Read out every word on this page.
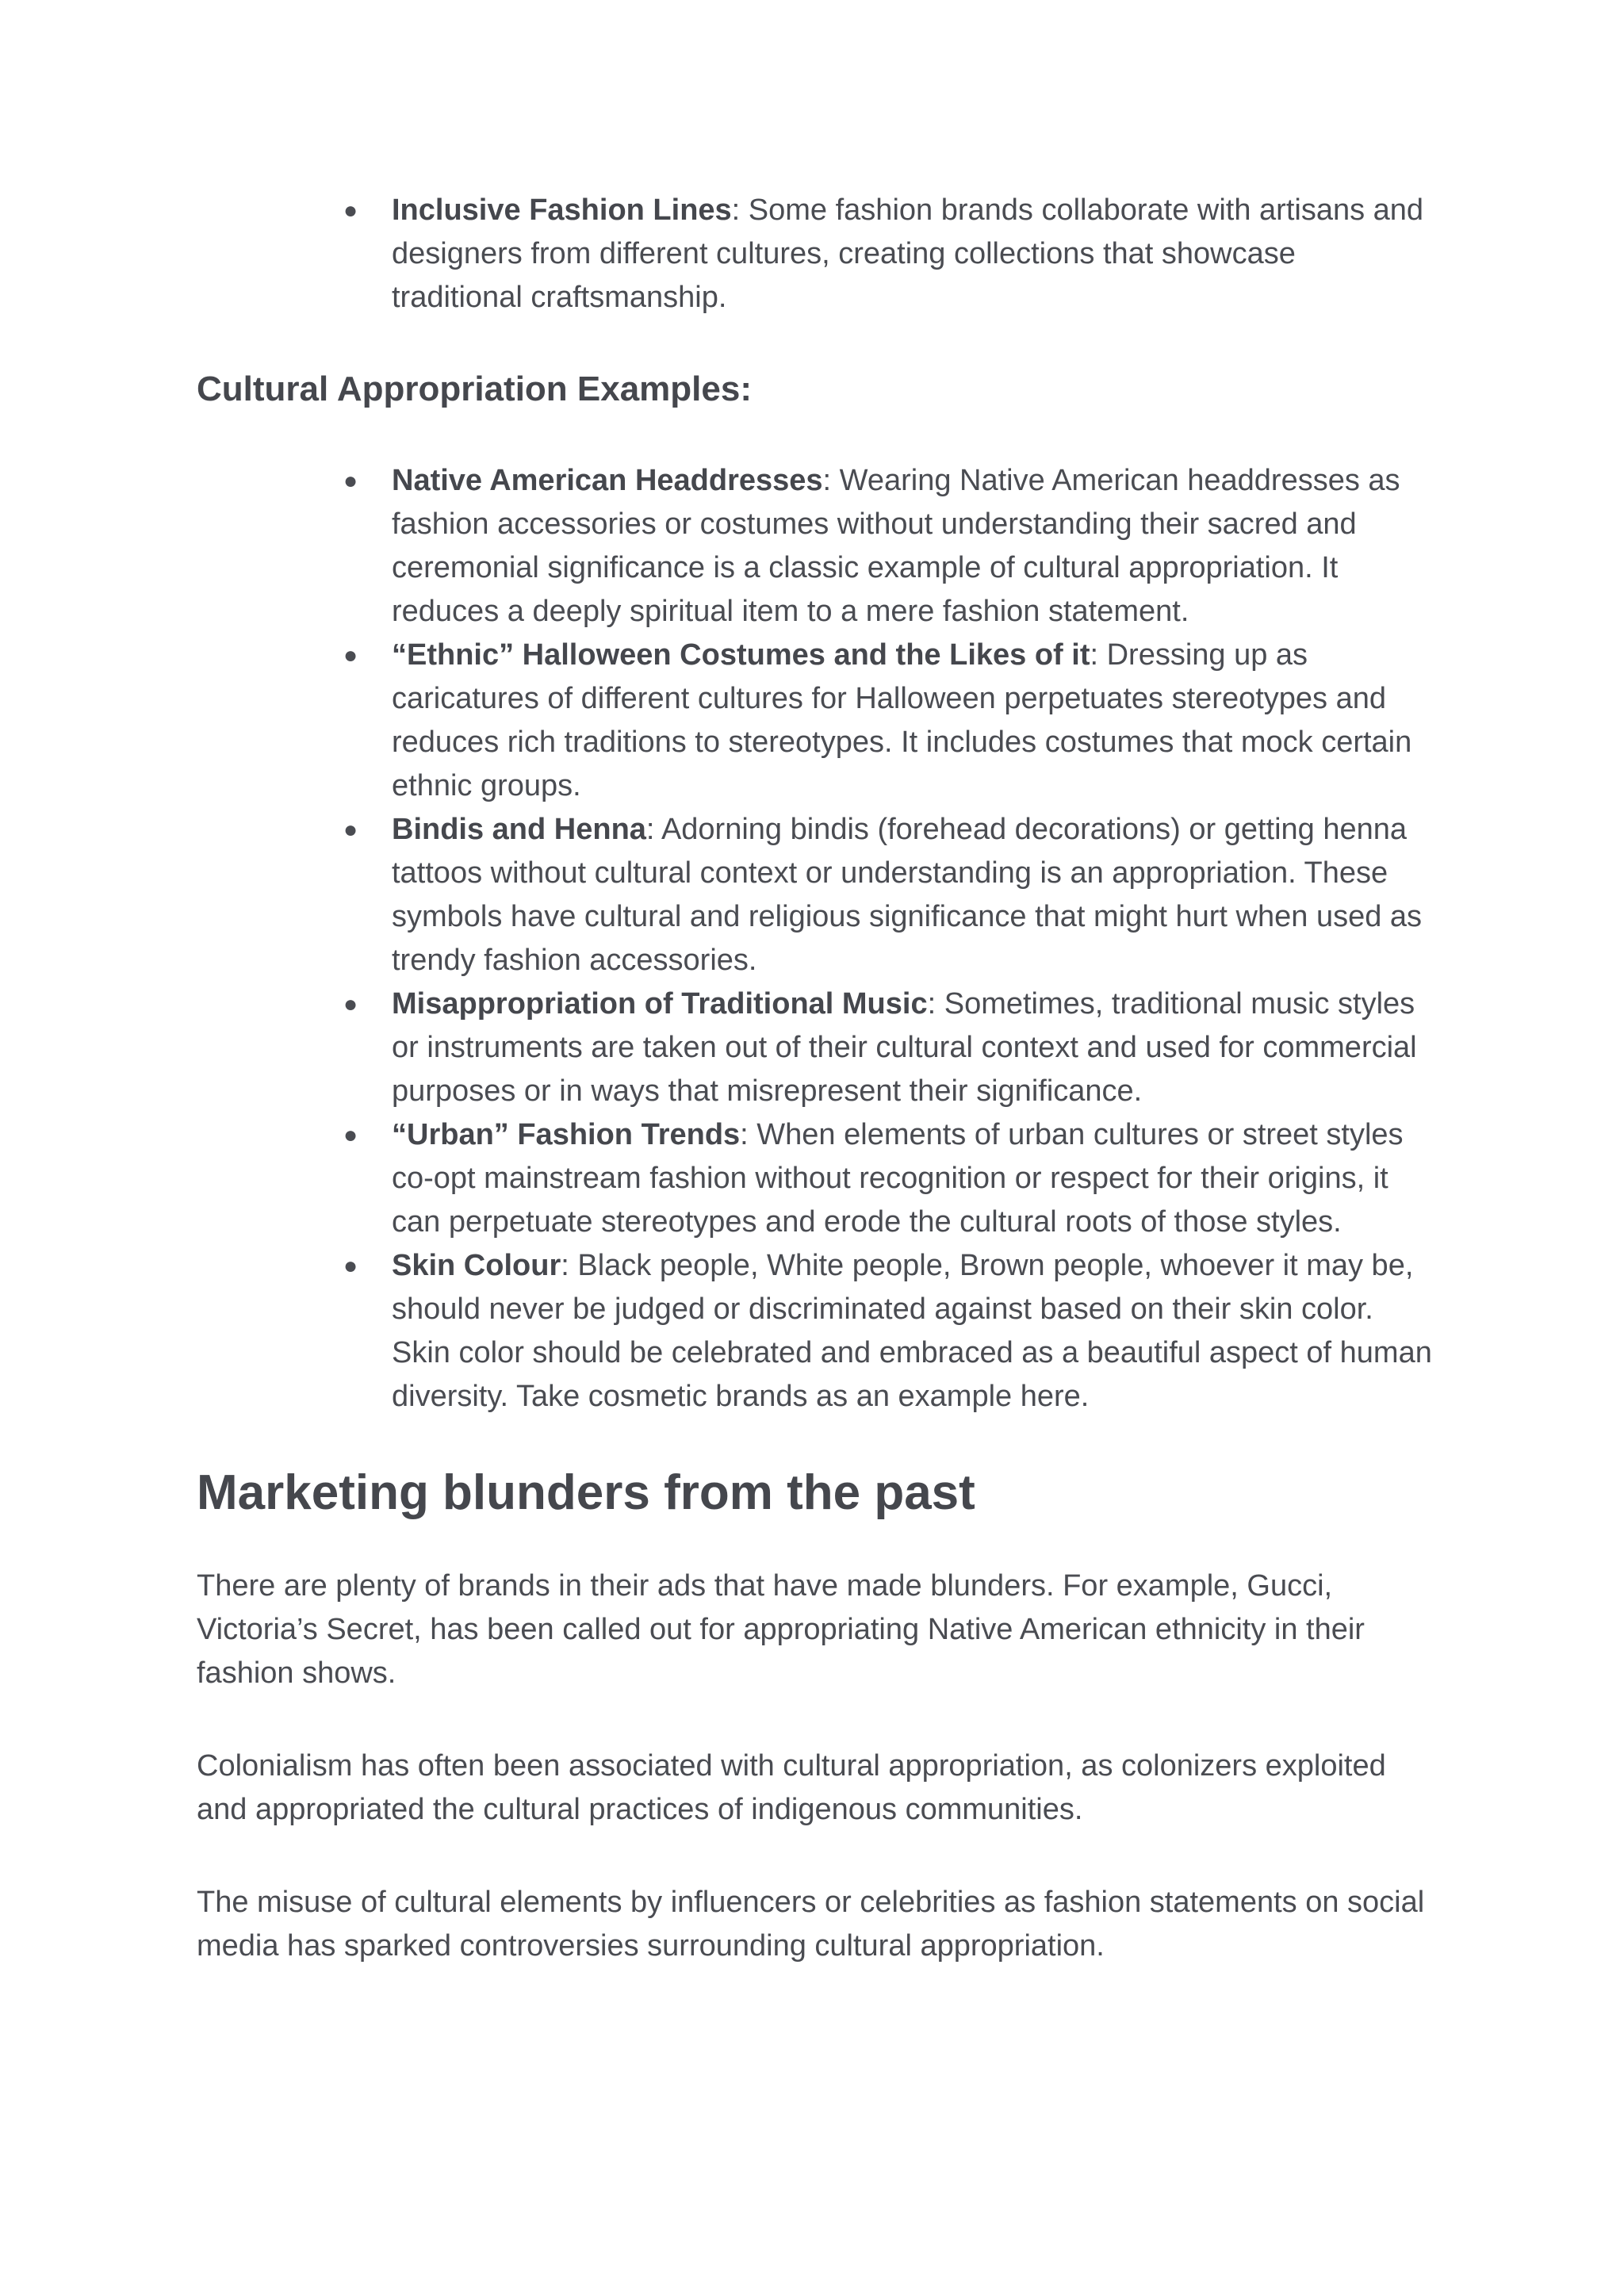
● Inclusive Fashion Lines: Some fashion brands collaborate with artisans and designers from different cultures, creating collections that showcase traditional craftsmanship.
Cultural Appropriation Examples:
● Native American Headdresses: Wearing Native American headdresses as fashion accessories or costumes without understanding their sacred and ceremonial significance is a classic example of cultural appropriation. It reduces a deeply spiritual item to a mere fashion statement.
● “Ethnic” Halloween Costumes and the Likes of it: Dressing up as caricatures of different cultures for Halloween perpetuates stereotypes and reduces rich traditions to stereotypes. It includes costumes that mock certain ethnic groups.
● Bindis and Henna: Adorning bindis (forehead decorations) or getting henna tattoos without cultural context or understanding is an appropriation. These symbols have cultural and religious significance that might hurt when used as trendy fashion accessories.
● Misappropriation of Traditional Music: Sometimes, traditional music styles or instruments are taken out of their cultural context and used for commercial purposes or in ways that misrepresent their significance.
● “Urban” Fashion Trends: When elements of urban cultures or street styles co-opt mainstream fashion without recognition or respect for their origins, it can perpetuate stereotypes and erode the cultural roots of those styles.
● Skin Colour: Black people, White people, Brown people, whoever it may be, should never be judged or discriminated against based on their skin color. Skin color should be celebrated and embraced as a beautiful aspect of human diversity. Take cosmetic brands as an example here.
Marketing blunders from the past

There are plenty of brands in their ads that have made blunders. For example, Gucci, Victoria’s Secret, has been called out for appropriating Native American ethnicity in their fashion shows.

Colonialism has often been associated with cultural appropriation, as colonizers exploited and appropriated the cultural practices of indigenous communities.

The misuse of cultural elements by influencers or celebrities as fashion statements on social media has sparked controversies surrounding cultural appropriation.
